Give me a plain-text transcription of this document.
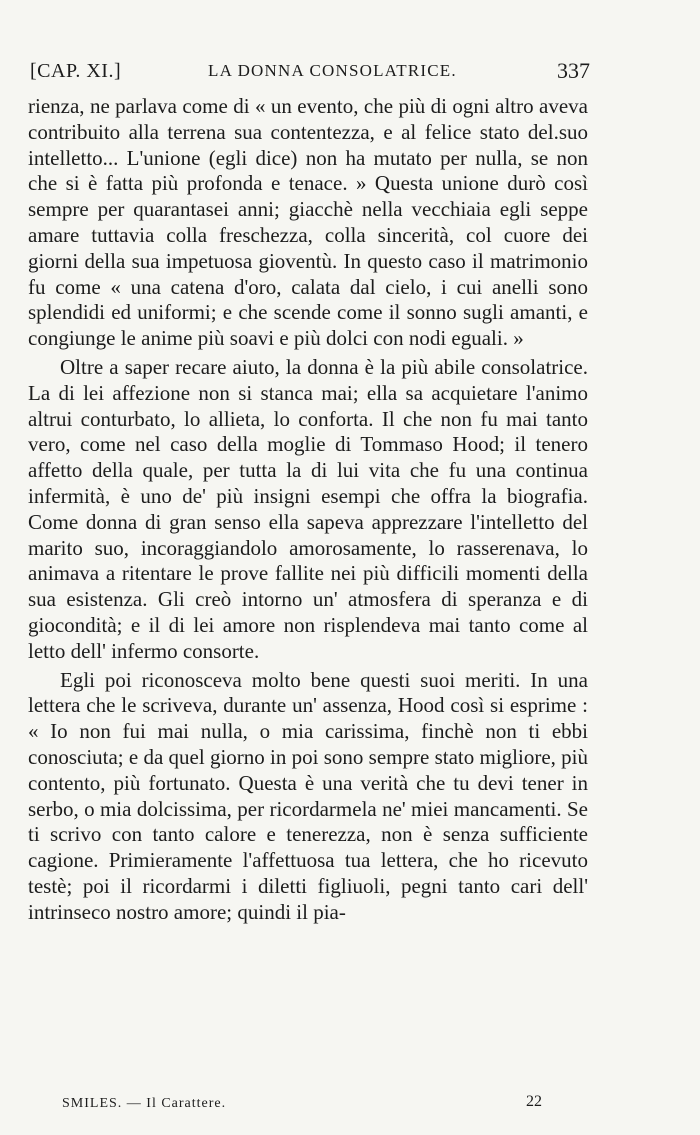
[CAP. XI.]	LA DONNA CONSOLATRICE.	337

rienza, ne parlava come di « un evento, che più di ogni altro aveva contribuito alla terrena sua contentezza, e al felice stato del.suo intelletto... L'unione (egli dice) non ha mutato per nulla, se non che si è fatta più profonda e tenace. » Questa unione durò così sempre per quarantasei anni; giacchè nella vecchiaia egli seppe amare tuttavia colla freschezza, colla sincerità, col cuore dei giorni della sua impetuosa gioventù. In questo caso il matrimonio fu come « una catena d'oro, calata dal cielo, i cui anelli sono splendidi ed uniformi; e che scende come il sonno sugli amanti, e congiunge le anime più soavi e più dolci con nodi eguali. »

Oltre a saper recare aiuto, la donna è la più abile consolatrice. La di lei affezione non si stanca mai; ella sa acquietare l'animo altrui conturbato, lo allieta, lo conforta. Il che non fu mai tanto vero, come nel caso della moglie di Tommaso Hood; il tenero affetto della quale, per tutta la di lui vita che fu una continua infermità, è uno de' più insigni esempi che offra la biografia. Come donna di gran senso ella sapeva apprezzare l'intelletto del marito suo, incoraggiandolo amorosamente, lo rasserenava, lo animava a ritentare le prove fallite nei più difficili momenti della sua esistenza. Gli creò intorno un' atmosfera di speranza e di giocondità; e il di lei amore non risplendeva mai tanto come al letto dell' infermo consorte.

Egli poi riconosceva molto bene questi suoi meriti. In una lettera che le scriveva, durante un' assenza, Hood così si esprime : « Io non fui mai nulla, o mia carissima, finchè non ti ebbi conosciuta; e da quel giorno in poi sono sempre stato migliore, più contento, più fortunato. Questa è una verità che tu devi tener in serbo, o mia dolcissima, per ricordarmela ne' miei mancamenti. Se ti scrivo con tanto calore e tenerezza, non è senza sufficiente cagione. Primieramente l'affettuosa tua lettera, che ho ricevuto testè; poi il ricordarmi i diletti figliuoli, pegni tanto cari dell' intrinseco nostro amore; quindi il pia-

SMILES. — Il Carattere.	22
